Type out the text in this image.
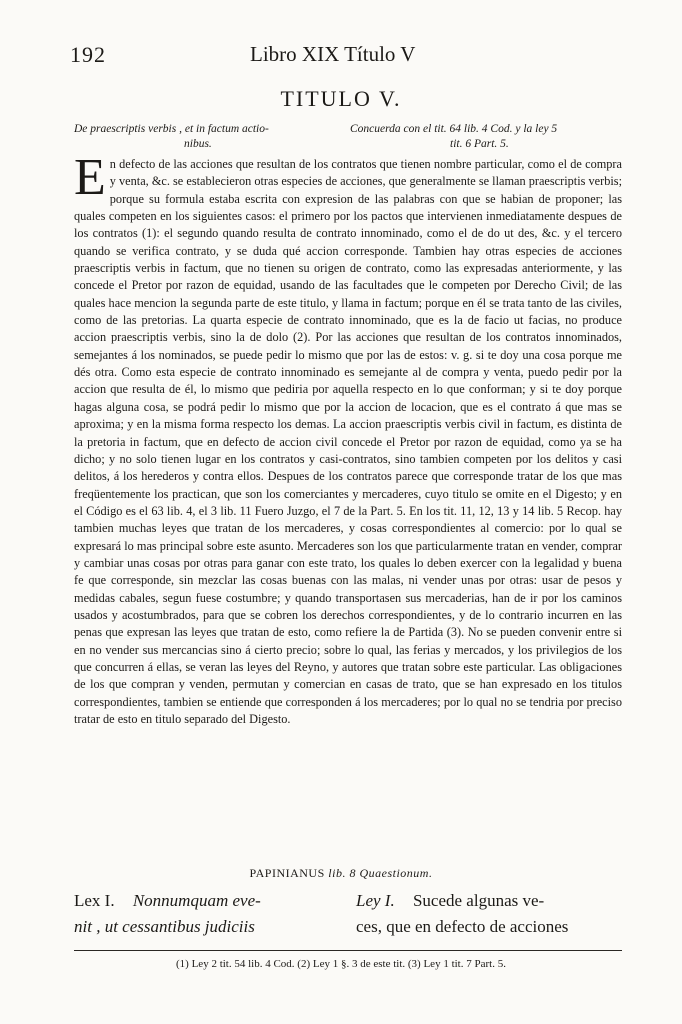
192	Libro XIX Título V
TITULO V.
De praescriptis verbis , et in factum actio-
nibus.
Concuerda con el tit. 64 lib. 4 Cod. y la ley 5
tit. 6 Part. 5.
E n defecto de las acciones que resultan de los contratos que tienen nombre particular, como el de compra y venta, &c. se establecieron otras especies de acciones, que generalmente se llaman praescriptis verbis; porque su formula estaba escrita con expresion de las palabras con que se habian de proponer; las quales competen en los siguientes casos: el primero por los pactos que intervienen inmediatamente despues de los contratos (1): el segundo quando resulta de contrato innominado, como el de do ut des, &c. y el tercero quando se verifica contrato, y se duda qué accion corresponde. Tambien hay otras especies de acciones praescriptis verbis in factum, que no tienen su origen de contrato, como las expresadas anteriormente, y las concede el Pretor por razon de equidad, usando de las facultades que le competen por Derecho Civil; de las quales hace mencion la segunda parte de este titulo, y llama in factum; porque en él se trata tanto de las civiles, como de las pretorias. La quarta especie de contrato innominado, que es la de facio ut facias, no produce accion praescriptis verbis, sino la de dolo (2). Por las acciones que resultan de los contratos innominados, semejantes á los nominados, se puede pedir lo mismo que por las de estos: v. g. si te doy una cosa porque me dés otra. Como esta especie de contrato innominado es semejante al de compra y venta, puedo pedir por la accion que resulta de él, lo mismo que pediria por aquella respecto en lo que conforman; y si te doy porque hagas alguna cosa, se podrá pedir lo mismo que por la accion de locacion, que es el contrato á que mas se aproxima; y en la misma forma respecto los demas. La accion praescriptis verbis civil in factum, es distinta de la pretoria in factum, que en defecto de accion civil concede el Pretor por razon de equidad, como ya se ha dicho; y no solo tienen lugar en los contratos y casi-contratos, sino tambien competen por los delitos y casi delitos, á los herederos y contra ellos. Despues de los contratos parece que corresponde tratar de los que mas freqüentemente los practican, que son los comerciantes y mercaderes, cuyo titulo se omite en el Digesto; y en el Código es el 63 lib. 4, el 3 lib. 11 Fuero Juzgo, el 7 de la Part. 5. En los tit. 11, 12, 13 y 14 lib. 5 Recop. hay tambien muchas leyes que tratan de los mercaderes, y cosas correspondientes al comercio: por lo qual se expresará lo mas principal sobre este asunto. Mercaderes son los que particularmente tratan en vender, comprar y cambiar unas cosas por otras para ganar con este trato, los quales lo deben exercer con la legalidad y buena fe que corresponde, sin mezclar las cosas buenas con las malas, ni vender unas por otras: usar de pesos y medidas cabales, segun fuese costumbre; y quando transportasen sus mercaderias, han de ir por los caminos usados y acostumbrados, para que se cobren los derechos correspondientes, y de lo contrario incurren en las penas que expresan las leyes que tratan de esto, como refiere la de Partida (3). No se pueden convenir entre si en no vender sus mercancias sino á cierto precio; sobre lo qual, las ferias y mercados, y los privilegios de los que concurren á ellas, se veran las leyes del Reyno, y autores que tratan sobre este particular. Las obligaciones de los que compran y venden, permutan y comercian en casas de trato, que se han expresado en los titulos correspondientes, tambien se entiende que corresponden á los mercaderes; por lo qual no se tendria por preciso tratar de esto en titulo separado del Digesto.

PAPINIANUS lib. 8 Quaestionum.
Lex I. Nonnumquam eve-
nit , ut cessantibus judiciis
Ley I. Sucede algunas ve-
ces, que en defecto de acciones
(1) Ley 2 tit. 54 lib. 4 Cod. (2) Ley 1 §. 3 de este tit. (3) Ley 1 tit. 7 Part. 5.
